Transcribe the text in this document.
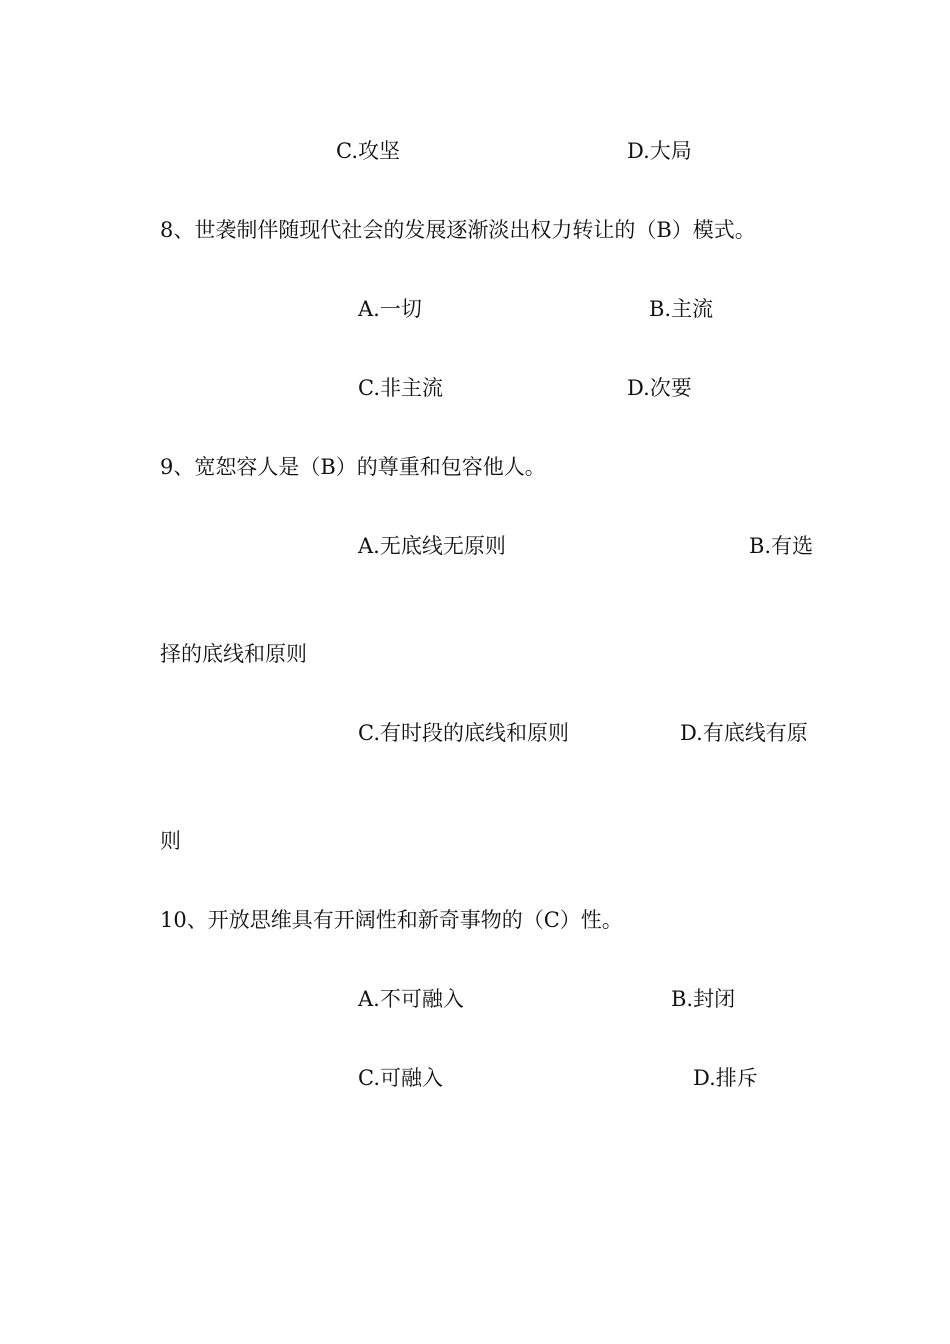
C.攻坚	D.大局
8、世袭制伴随现代社会的发展逐渐淡出权力转让的（B）模式。
A.一切	B.主流
C.非主流	D.次要
9、宽恕容人是（B）的尊重和包容他人。
A.无底线无原则	B.有选
择的底线和原则
C.有时段的底线和原则	D.有底线有原
则
10、开放思维具有开阔性和新奇事物的（C）性。
A.不可融入	B.封闭
C.可融入	D.排斥
